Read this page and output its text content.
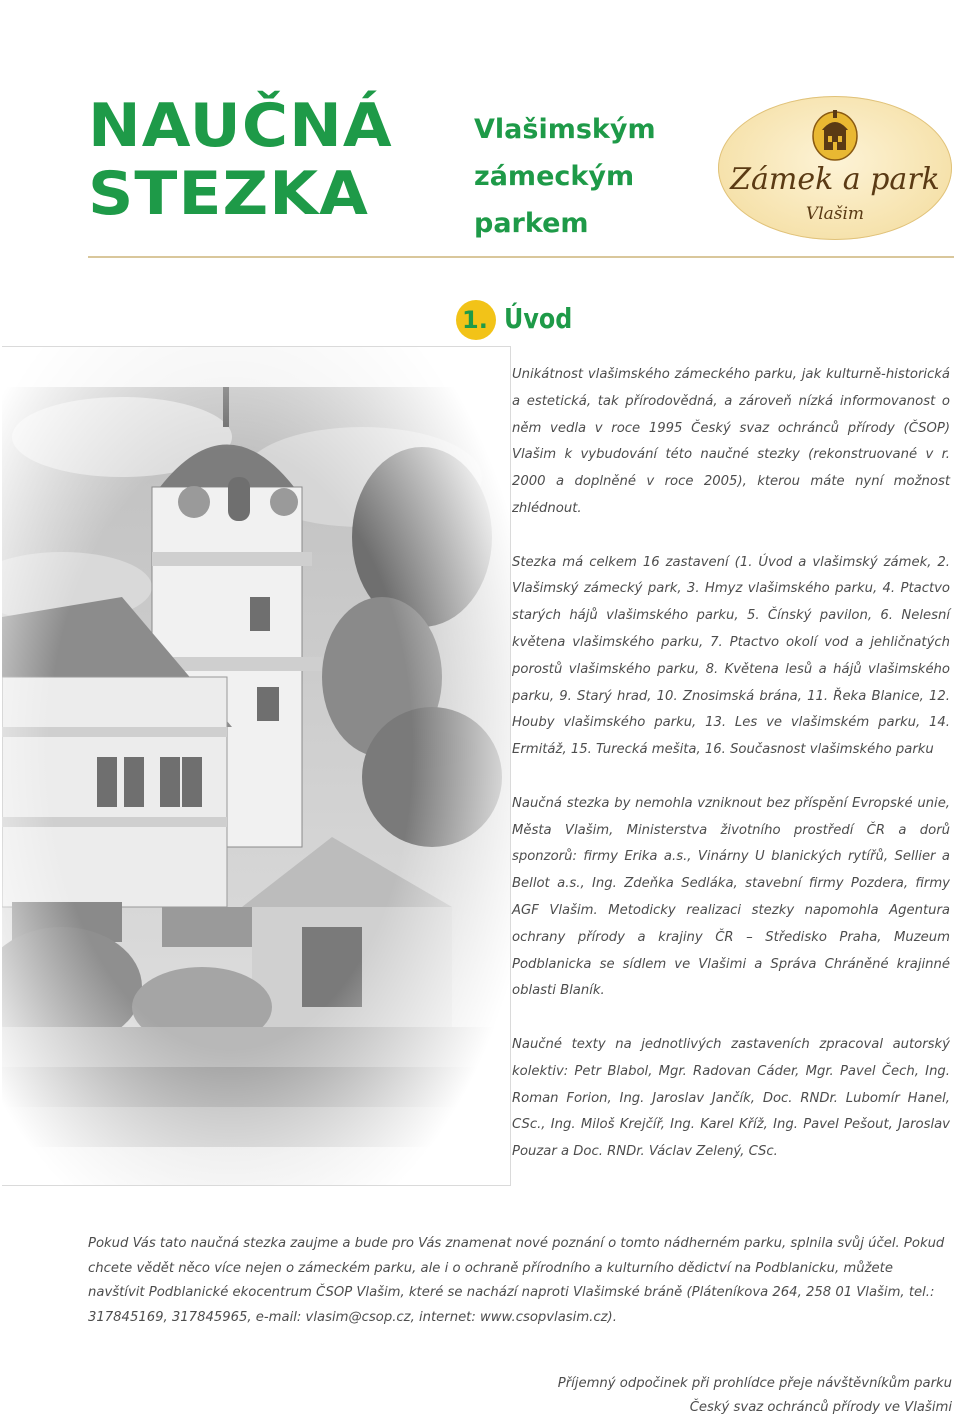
NAUČNÁ
STEZKA
Vlašimským
zámeckým
parkem
Zámek a park
Vlašim
1. Úvod

Unikátnost vlašimského zámeckého parku, jak kulturně-historická a estetická, tak přírodovědná, a zároveň nízká informovanost o něm vedla v roce 1995 Český svaz ochránců přírody (ČSOP) Vlašim k vybudování této naučné stezky (rekonstruované v r. 2000 a doplněné v roce 2005), kterou máte nyní možnost zhlédnout.

Stezka má celkem 16 zastavení (1. Úvod a vlašimský zámek, 2. Vlašimský zámecký park, 3. Hmyz vlašimského parku, 4. Ptactvo starých hájů vlašimského parku, 5. Čínský pavilon, 6. Nelesní květena vlašimského parku, 7. Ptactvo okolí vod a jehličnatých porostů vlašimského parku, 8. Květena lesů a hájů vlašimského parku, 9. Starý hrad, 10. Znosimská brána, 11. Řeka Blanice, 12. Houby vlašimského parku, 13. Les ve vlašimském parku, 14. Ermitáž, 15. Turecká mešita, 16. Současnost vlašimského parku

Naučná stezka by nemohla vzniknout bez příspění Evropské unie, Města Vlašim, Ministerstva životního prostředí ČR a dorů sponzorů: firmy Erika a.s., Vinárny U blanických rytířů, Sellier a Bellot a.s., Ing. Zdeňka Sedláka, stavební firmy Pozdera, firmy AGF Vlašim. Metodicky realizaci stezky napomohla Agentura ochrany přírody a krajiny ČR – Středisko Praha, Muzeum Podblanicka se sídlem ve Vlašimi a Správa Chráněné krajinné oblasti Blaník.

Naučné texty na jednotlivých zastaveních zpracoval autorský kolektiv: Petr Blabol, Mgr. Radovan Cáder, Mgr. Pavel Čech, Ing. Roman Forion, Ing. Jaroslav Jančík, Doc. RNDr. Lubomír Hanel, CSc., Ing. Miloš Krejčíř, Ing. Karel Kříž, Ing. Pavel Pešout, Jaroslav Pouzar a Doc. RNDr. Václav Zelený, CSc.

Pokud Vás tato naučná stezka zaujme a bude pro Vás znamenat nové poznání o tomto nádherném parku, splnila svůj účel. Pokud chcete vědět něco více nejen o zámeckém parku, ale i o ochraně přírodního a kulturního dědictví na Podblanicku, můžete navštívit Podblanické ekocentrum ČSOP Vlašim, které se nachází naproti Vlašimské bráně (Pláteníkova 264, 258 01 Vlašim, tel.: 317845169, 317845965, e-mail: vlasim@csop.cz, internet: www.csopvlasim.cz).

Příjemný odpočinek při prohlídce přeje návštěvníkům parku
Český svaz ochránců přírody ve Vlašimi
